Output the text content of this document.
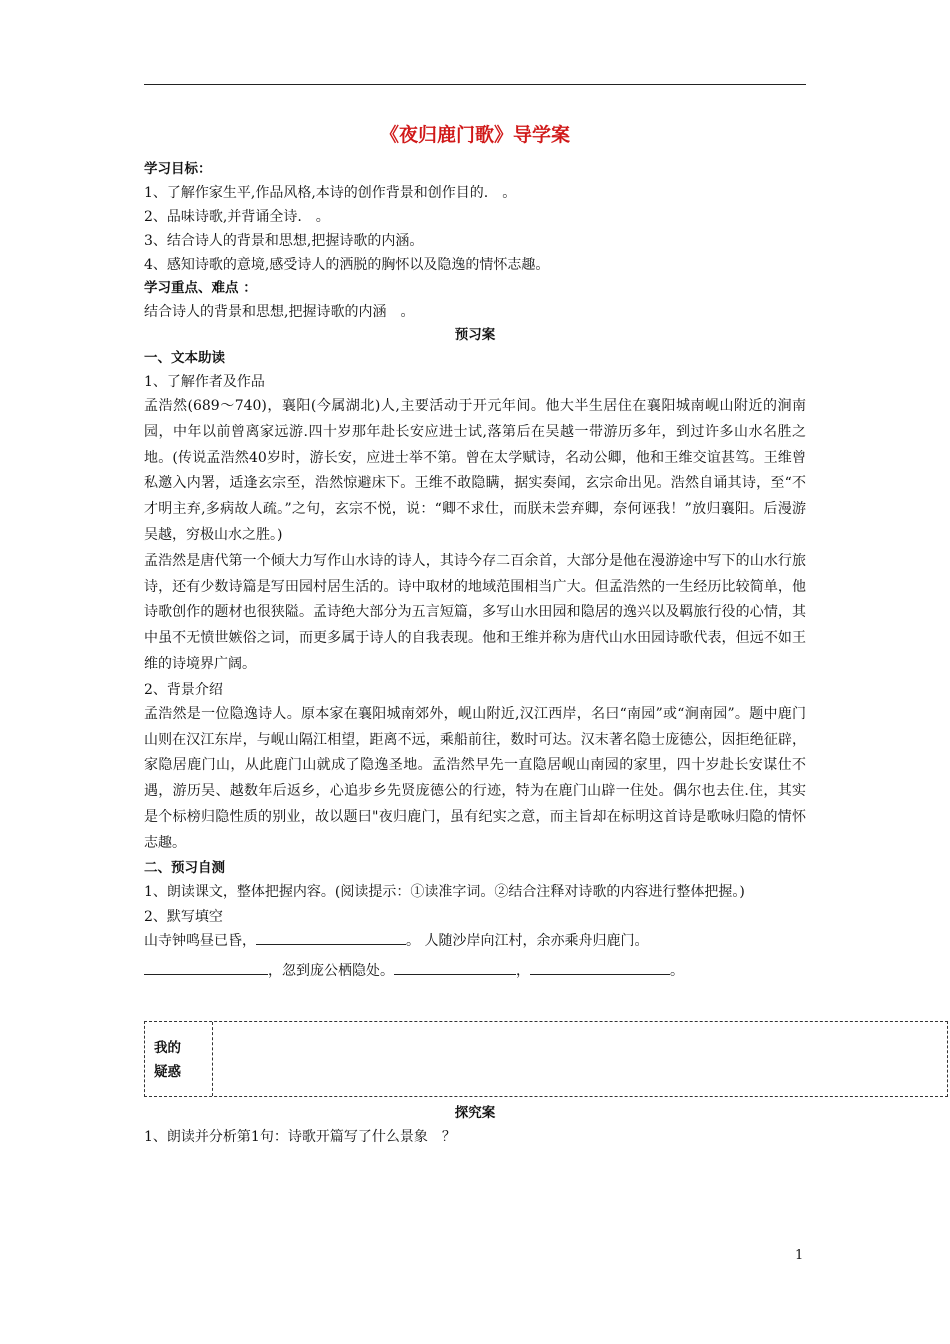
《夜归鹿门歌》导学案
学习目标：
1、了解作家生平,作品风格,本诗的创作背景和创作目的.　。
2、品味诗歌,并背诵全诗.　。
3、结合诗人的背景和思想,把握诗歌的内涵。
4、感知诗歌的意境,感受诗人的洒脱的胸怀以及隐逸的情怀志趣。
学习重点、难点 ：
结合诗人的背景和思想,把握诗歌的内涵　。
预习案
一、文本助读
1、了解作者及作品

孟浩然(689～740)，襄阳(今属湖北)人,主要活动于开元年间。他大半生居住在襄阳城南岘山附近的涧南园，中年以前曾离家远游.四十岁那年赴长安应进士试,落第后在吴越一带游历多年，到过许多山水名胜之地。(传说孟浩然40岁时，游长安，应进士举不第。曾在太学赋诗，名动公卿，他和王维交谊甚笃。王维曾私邀入内署，适逢玄宗至，浩然惊避床下。王维不敢隐瞒，据实奏闻，玄宗命出见。浩然自诵其诗，至“不才明主弃,多病故人疏。”之句，玄宗不悦，说：“卿不求仕，而朕未尝弃卿，奈何诬我！”放归襄阳。后漫游吴越，穷极山水之胜。)

孟浩然是唐代第一个倾大力写作山水诗的诗人，其诗今存二百余首，大部分是他在漫游途中写下的山水行旅诗，还有少数诗篇是写田园村居生活的。诗中取材的地域范围相当广大。但孟浩然的一生经历比较简单，他诗歌创作的题材也很狭隘。孟诗绝大部分为五言短篇，多写山水田园和隐居的逸兴以及羁旅行役的心情，其中虽不无愤世嫉俗之词，而更多属于诗人的自我表现。他和王维并称为唐代山水田园诗歌代表，但远不如王维的诗境界广阔。

2、背景介绍

孟浩然是一位隐逸诗人。原本家在襄阳城南郊外，岘山附近,汉江西岸，名曰“南园”或“涧南园”。题中鹿门山则在汉江东岸，与岘山隔江相望，距离不远，乘船前往，数时可达。汉末著名隐士庞德公，因拒绝征辟，家隐居鹿门山，从此鹿门山就成了隐逸圣地。孟浩然早先一直隐居岘山南园的家里，四十岁赴长安谋仕不遇，游历吴、越数年后返乡，心追步乡先贤庞德公的行迹，特为在鹿门山辟一住处。偶尔也去住.住，其实是个标榜归隐性质的别业，故以题曰"夜归鹿门，虽有纪实之意，而主旨却在标明这首诗是歌咏归隐的情怀志趣。

二、预习自测

1、朗读课文，整体把握内容。(阅读提示：①读准字词。②结合注释对诗歌的内容进行整体把握。)

2、默写填空
山寺钟鸣昼已昏，	。 人随沙岸向江村，余亦乘舟归鹿门。
，忽到庞公栖隐处。	，	。
我的
疑惑
探究案
1、朗读并分析第1句：诗歌开篇写了什么景象　？
1
